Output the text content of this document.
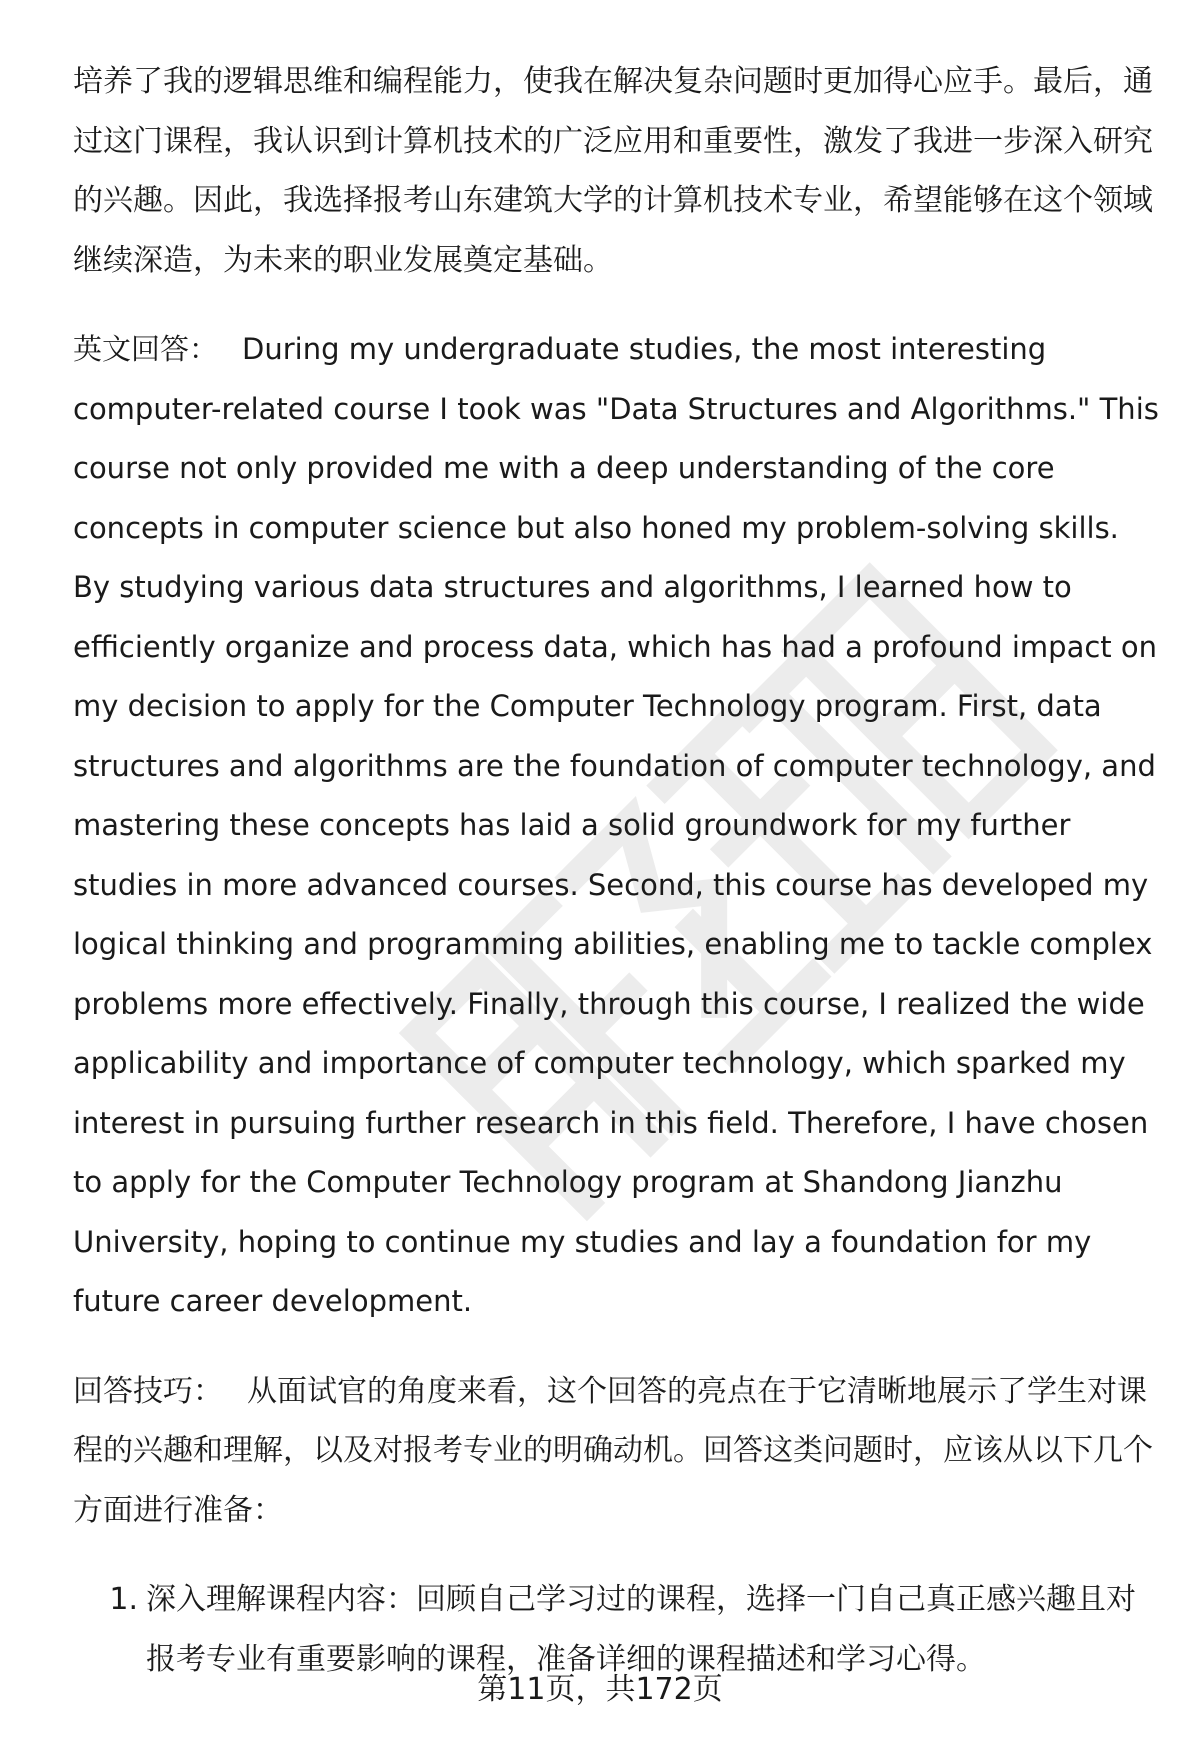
培养了我的逻辑思维和编程能力，使我在解决复杂问题时更加得心应手。最后，通过这门课程，我认识到计算机技术的广泛应用和重要性，激发了我进一步深入研究的兴趣。因此，我选择报考山东建筑大学的计算机技术专业，希望能够在这个领域继续深造，为未来的职业发展奠定基础。

英文回答： During my undergraduate studies, the most interesting computer-related course I took was "Data Structures and Algorithms." This course not only provided me with a deep understanding of the core concepts in computer science but also honed my problem-solving skills. By studying various data structures and algorithms, I learned how to efficiently organize and process data, which has had a profound impact on my decision to apply for the Computer Technology program. First, data structures and algorithms are the foundation of computer technology, and mastering these concepts has laid a solid groundwork for my further studies in more advanced courses. Second, this course has developed my logical thinking and programming abilities, enabling me to tackle complex problems more effectively. Finally, through this course, I realized the wide applicability and importance of computer technology, which sparked my interest in pursuing further research in this field. Therefore, I have chosen to apply for the Computer Technology program at Shandong Jianzhu University, hoping to continue my studies and lay a foundation for my future career development.

回答技巧： 从面试官的角度来看，这个回答的亮点在于它清晰地展示了学生对课程的兴趣和理解，以及对报考专业的明确动机。回答这类问题时，应该从以下几个方面进行准备：

1. 深入理解课程内容：回顾自己学习过的课程，选择一门自己真正感兴趣且对报考专业有重要影响的课程，准备详细的课程描述和学习心得。
第11页，共172页
